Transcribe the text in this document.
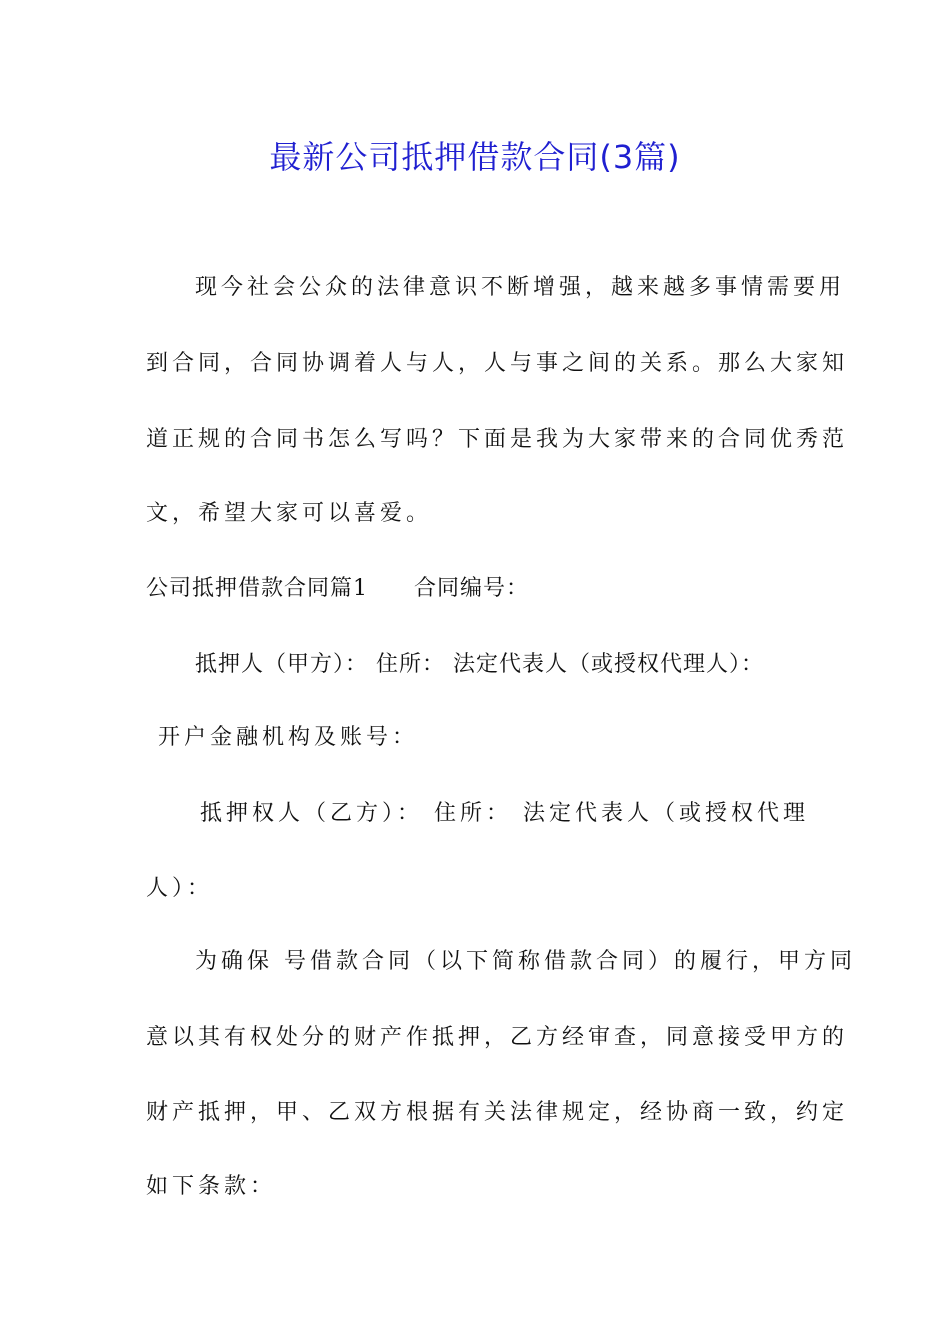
最新公司抵押借款合同(3篇)
现今社会公众的法律意识不断增强，越来越多事情需要用
到合同，合同协调着人与人，人与事之间的关系。那么大家知
道正规的合同书怎么写吗？下面是我为大家带来的合同优秀范
文，希望大家可以喜爱。
公司抵押借款合同篇1　　合同编号：
抵押人（甲方）： 住所： 法定代表人（或授权代理人）：
开户金融机构及账号：
抵押权人（乙方）： 住所： 法定代表人（或授权代理
人）：
为确保 号借款合同（以下简称借款合同）的履行，甲方同
意以其有权处分的财产作抵押，乙方经审查，同意接受甲方的
财产抵押，甲、乙双方根据有关法律规定，经协商一致，约定
如下条款：
